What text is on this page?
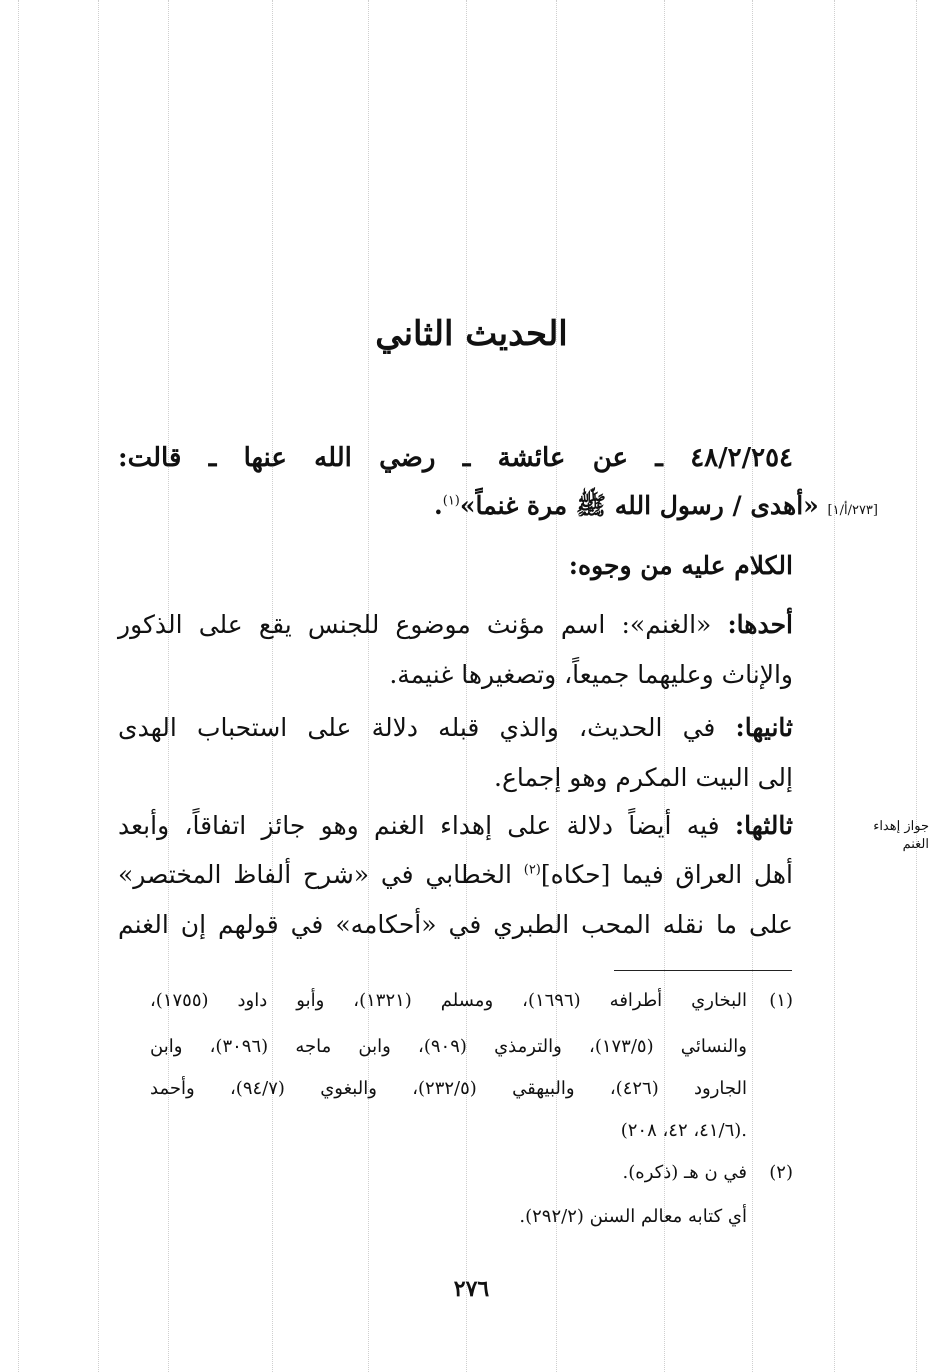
الحديث الثاني
٤٨/٢/٢٥٤ ـ عن عائشة ـ رضي الله عنها ـ قالت:
[٢٧٣/أ/١] «أهدى / رسول الله ﷺ مرة غنماً»$^{(١)}$.
الكلام عليه من وجوه:
أحدها: «الغنم»: اسم مؤنث موضوع للجنس يقع على الذكور
والإناث وعليهما جميعاً، وتصغيرها غنيمة.
ثانيها: في الحديث، والذي قبله دلالة على استحباب الهدى
إلى البيت المكرم وهو إجماع.
جواز إهداء
الغنم
ثالثها: فيه أيضاً دلالة على إهداء الغنم وهو جائز اتفاقاً، وأبعد
أهل العراق فيما [حكاه]$^{(٢)}$ الخطابي في «شرح ألفاظ المختصر»
على ما نقله المحب الطبري في «أحكامه» في قولهم إن الغنم
(١)
البخاري أطرافه (١٦٩٦)، ومسلم (١٣٢١)، وأبو داود (١٧٥٥)،
والنسائي (١٧٣/٥)، والترمذي (٩٠٩)، وابن ماجه (٣٠٩٦)، وابن
الجارود (٤٢٦)، والبيهقي (٢٣٢/٥)، والبغوي (٩٤/٧)، وأحمد
(٤١/٦، ٤٢، ٢٠٨).
(٢)
في ن هـ (ذكره).
أي كتابه معالم السنن (٢٩٢/٢).
٢٧٦
